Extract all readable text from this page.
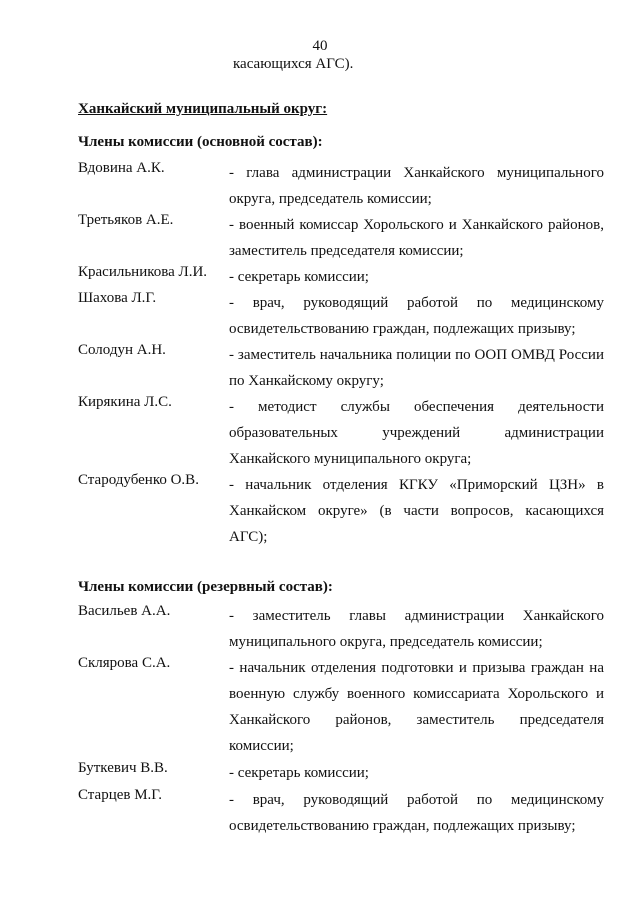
40
касающихся АГС).
Ханкайский муниципальный округ:
Члены комиссии (основной состав):
Вдовина А.К.	- глава администрации Ханкайского муниципального округа, председатель комиссии;
Третьяков А.Е.	- военный комиссар Хорольского и Ханкайского районов, заместитель председателя комиссии;
Красильникова Л.И. - секретарь комиссии;
Шахова Л.Г.	- врач, руководящий работой по медицинскому освидетельствованию граждан, подлежащих призыву;
Солодун А.Н.	- заместитель начальника полиции по ООП ОМВД России по Ханкайскому округу;
Кирякина Л.С.	- методист службы обеспечения деятельности образовательных учреждений администрации Ханкайского муниципального округа;
Стародубенко О.В. - начальник отделения КГКУ «Приморский ЦЗН» в Ханкайском округе» (в части вопросов, касающихся АГС);
Члены комиссии (резервный состав):
Васильев А.А.	- заместитель главы администрации Ханкайского муниципального округа, председатель комиссии;
Склярова С.А.	- начальник отделения подготовки и призыва граждан на военную службу военного комиссариата Хорольского и Ханкайского районов, заместитель председателя комиссии;
Буткевич В.В.	- секретарь комиссии;
Старцев М.Г.	- врач, руководящий работой по медицинскому освидетельствованию граждан, подлежащих призыву;
